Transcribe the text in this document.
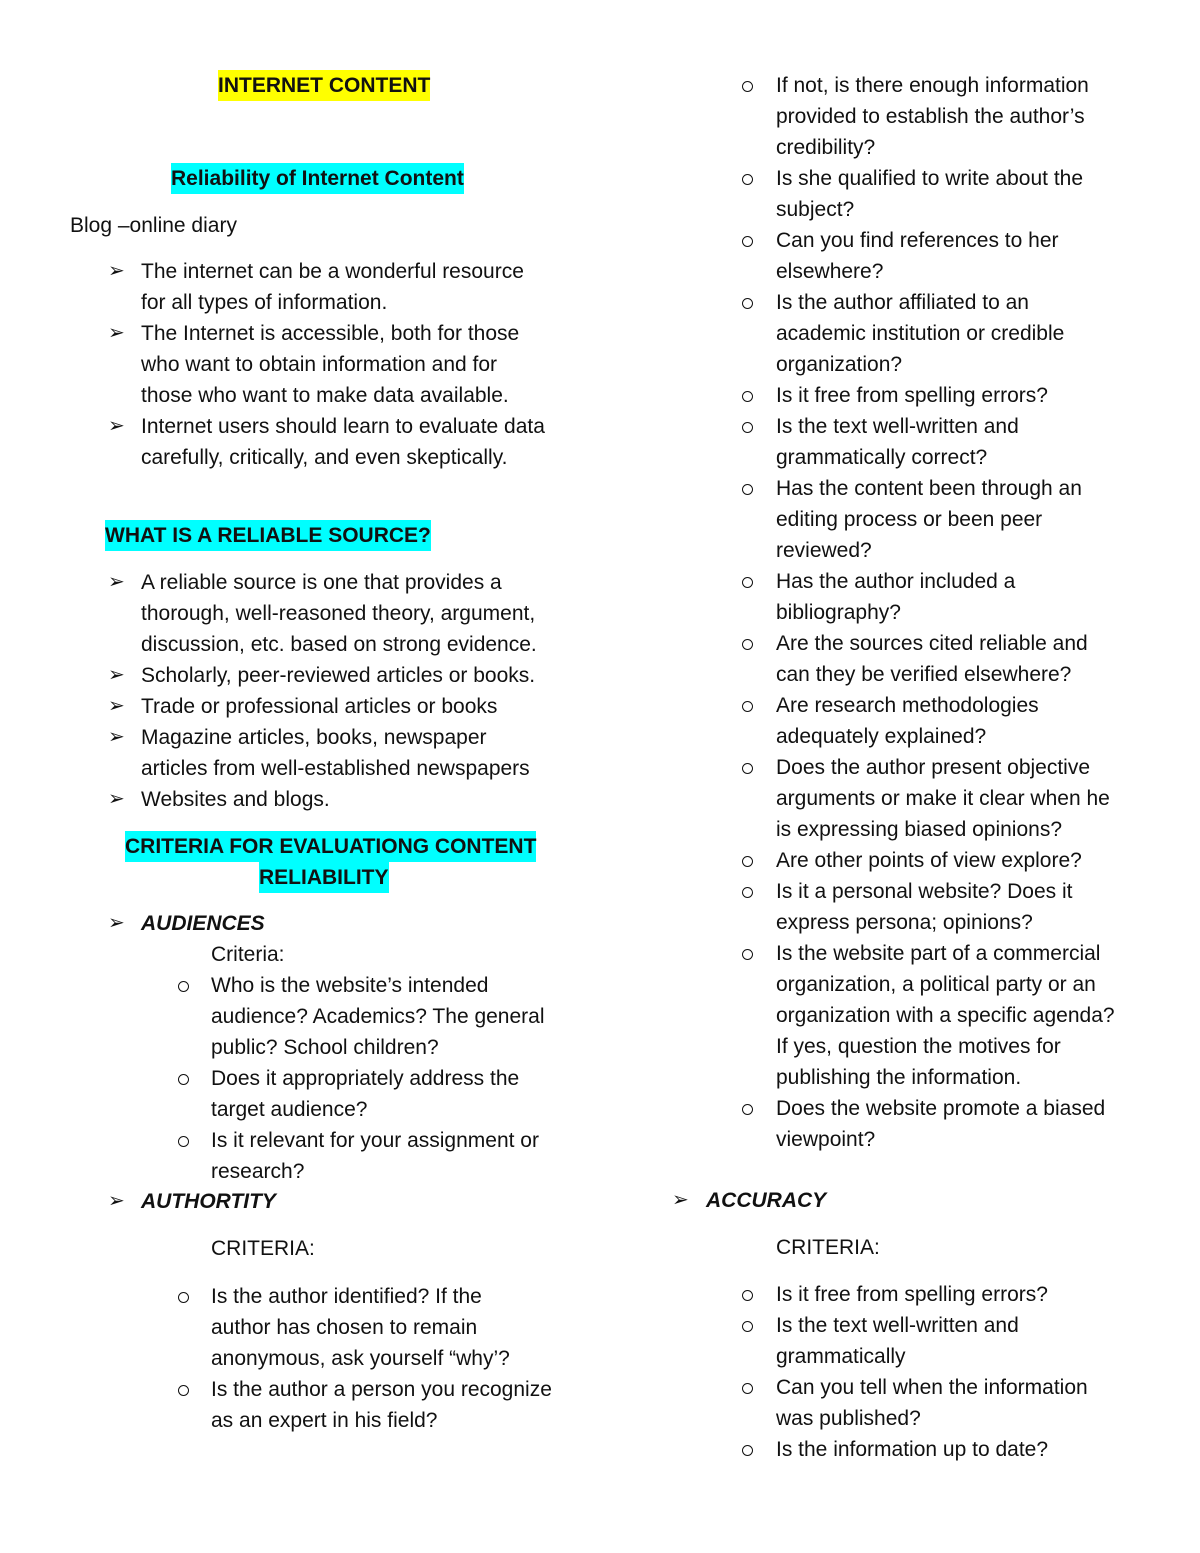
INTERNET CONTENT
Reliability of Internet Content
Blog –online diary
➢ The internet can be a wonderful resource
for all types of information.
➢ The Internet is accessible, both for those
who want to obtain information and for
those who want to make data available.
➢ Internet users should learn to evaluate data
carefully, critically, and even skeptically.
WHAT IS A RELIABLE SOURCE?
➢ A reliable source is one that provides a
thorough, well-reasoned theory, argument,
discussion, etc. based on strong evidence.
➢ Scholarly, peer-reviewed articles or books.
➢ Trade or professional articles or books
➢ Magazine articles, books, newspaper
articles from well-established newspapers
➢ Websites and blogs.
CRITERIA FOR EVALUATIONG CONTENT
RELIABILITY
➢ AUDIENCES
Criteria:
Who is the website’s intended
audience? Academics? The general
public? School children?
Does it appropriately address the
target audience?
Is it relevant for your assignment or
research?
➢ AUTHORTITY
CRITERIA:
Is the author identified? If the
author has chosen to remain
anonymous, ask yourself “why’?
Is the author a person you recognize
as an expert in his field?
If not, is there enough information
provided to establish the author’s
credibility?
Is she qualified to write about the
subject?
Can you find references to her
elsewhere?
Is the author affiliated to an
academic institution or credible
organization?
Is it free from spelling errors?
Is the text well-written and
grammatically correct?
Has the content been through an
editing process or been peer
reviewed?
Has the author included a
bibliography?
Are the sources cited reliable and
can they be verified elsewhere?
Are research methodologies
adequately explained?
Does the author present objective
arguments or make it clear when he
is expressing biased opinions?
Are other points of view explore?
Is it a personal website? Does it
express persona; opinions?
Is the website part of a commercial
organization, a political party or an
organization with a specific agenda?
If yes, question the motives for
publishing the information.
Does the website promote a biased
viewpoint?
➢ ACCURACY
CRITERIA:
Is it free from spelling errors?
Is the text well-written and
grammatically
Can you tell when the information
was published?
Is the information up to date?
